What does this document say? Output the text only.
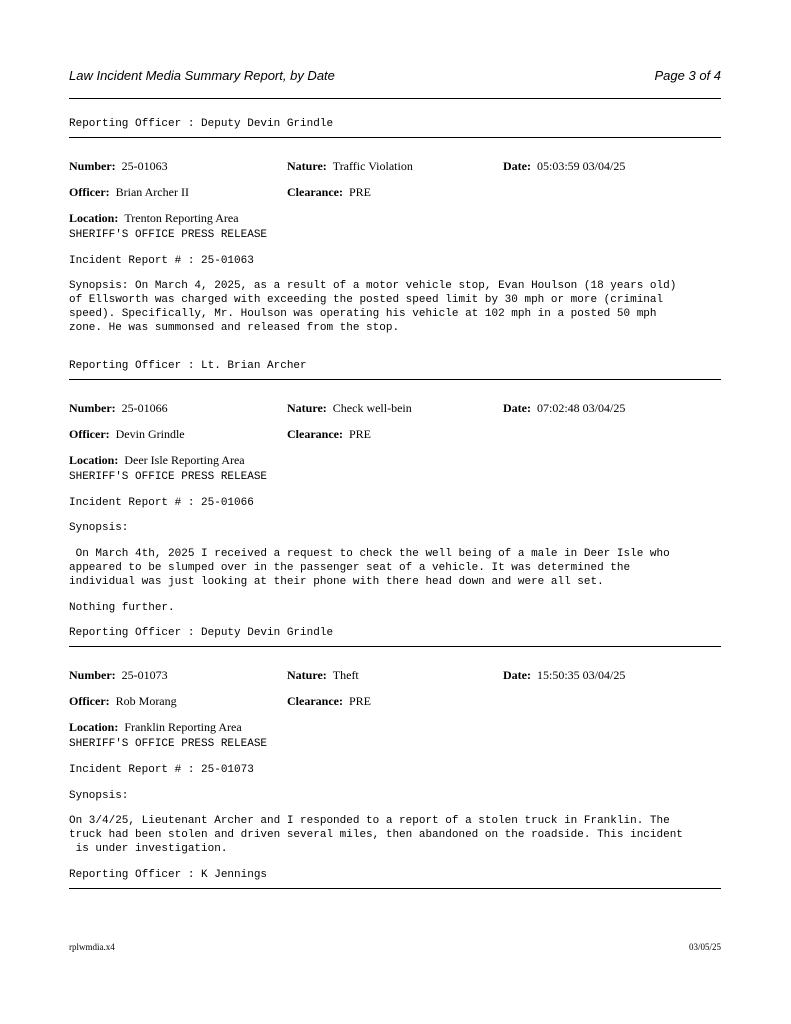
Law Incident Media Summary Report, by Date	Page 3 of 4
Reporting Officer : Deputy Devin Grindle
Number: 25-01063	Nature: Traffic Violation	Date: 05:03:59 03/04/25
Officer: Brian Archer II	Clearance: PRE
Location: Trenton Reporting Area
SHERIFF'S OFFICE PRESS RELEASE
Incident Report # : 25-01063
Synopsis: On March 4, 2025, as a result of a motor vehicle stop, Evan Houlson (18 years old)
of Ellsworth was charged with exceeding the posted speed limit by 30 mph or more (criminal
speed). Specifically, Mr. Houlson was operating his vehicle at 102 mph in a posted 50 mph
zone. He was summonsed and released from the stop.
Reporting Officer : Lt. Brian Archer
Number: 25-01066	Nature: Check well-bein	Date: 07:02:48 03/04/25
Officer: Devin Grindle	Clearance: PRE
Location: Deer Isle Reporting Area
SHERIFF'S OFFICE PRESS RELEASE
Incident Report # : 25-01066
Synopsis:
On March 4th, 2025 I received a request to check the well being of a male in Deer Isle who
appeared to be slumped over in the passenger seat of a vehicle. It was determined the
individual was just looking at their phone with there head down and were all set.
Nothing further.
Reporting Officer : Deputy Devin Grindle
Number: 25-01073	Nature: Theft	Date: 15:50:35 03/04/25
Officer: Rob Morang	Clearance: PRE
Location: Franklin Reporting Area
SHERIFF'S OFFICE PRESS RELEASE
Incident Report # : 25-01073
Synopsis:
On 3/4/25, Lieutenant Archer and I responded to a report of a stolen truck in Franklin. The
truck had been stolen and driven several miles, then abandoned on the roadside. This incident
is under investigation.
Reporting Officer : K Jennings
rplwmdia.x4	03/05/25
